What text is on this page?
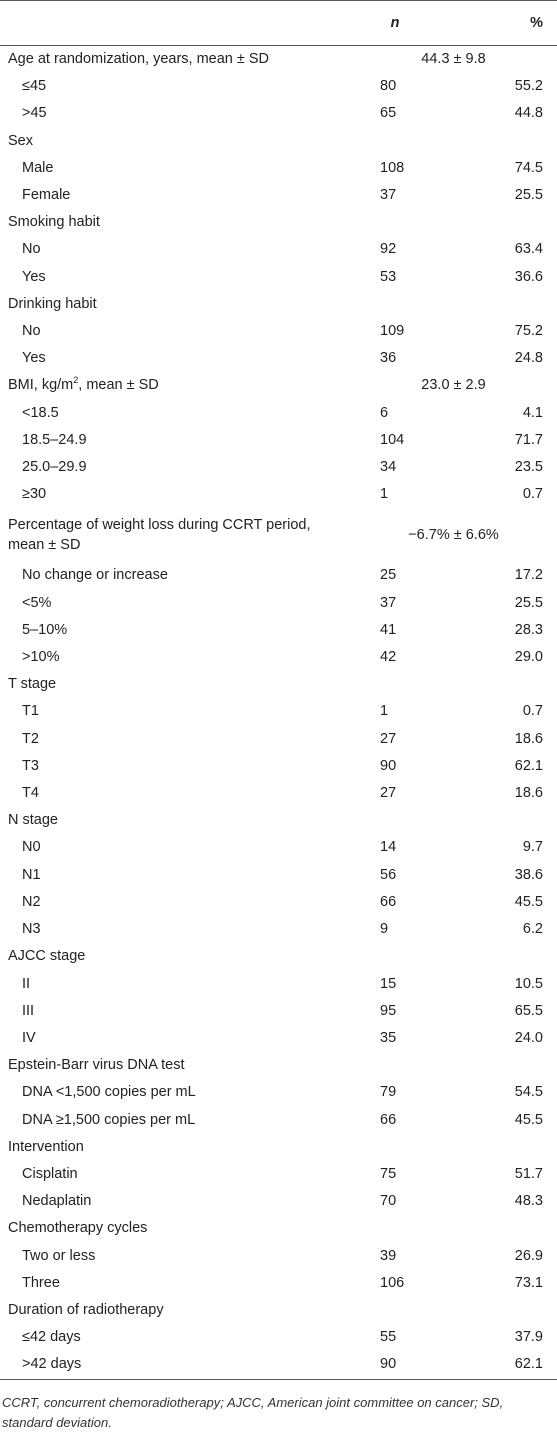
	n	%
Age at randomization, years, mean ± SD	44.3 ± 9.8	
≤45	80	55.2
>45	65	44.8
Sex		
Male	108	74.5
Female	37	25.5
Smoking habit		
No	92	63.4
Yes	53	36.6
Drinking habit		
No	109	75.2
Yes	36	24.8
BMI, $kg/m^2$, mean ± SD	23.0 ± 2.9	
<18.5	6	4.1
18.5–24.9	104	71.7
25.0–29.9	34	23.5
≥30	1	0.7
Percentage of weight loss during CCRT period, mean ± SD	−6.7% ± 6.6%	
No change or increase	25	17.2
<5%	37	25.5
5–10%	41	28.3
>10%	42	29.0
T stage		
T1	1	0.7
T2	27	18.6
T3	90	62.1
T4	27	18.6
N stage		
N0	14	9.7
N1	56	38.6
N2	66	45.5
N3	9	6.2
AJCC stage		
II	15	10.5
III	95	65.5
IV	35	24.0
Epstein-Barr virus DNA test		
DNA <1,500 copies per mL	79	54.5
DNA ≥1,500 copies per mL	66	45.5
Intervention		
Cisplatin	75	51.7
Nedaplatin	70	48.3
Chemotherapy cycles		
Two or less	39	26.9
Three	106	73.1
Duration of radiotherapy		
≤42 days	55	37.9
>42 days	90	62.1
CCRT, concurrent chemoradiotherapy; AJCC, American joint committee on cancer; SD, standard deviation.
